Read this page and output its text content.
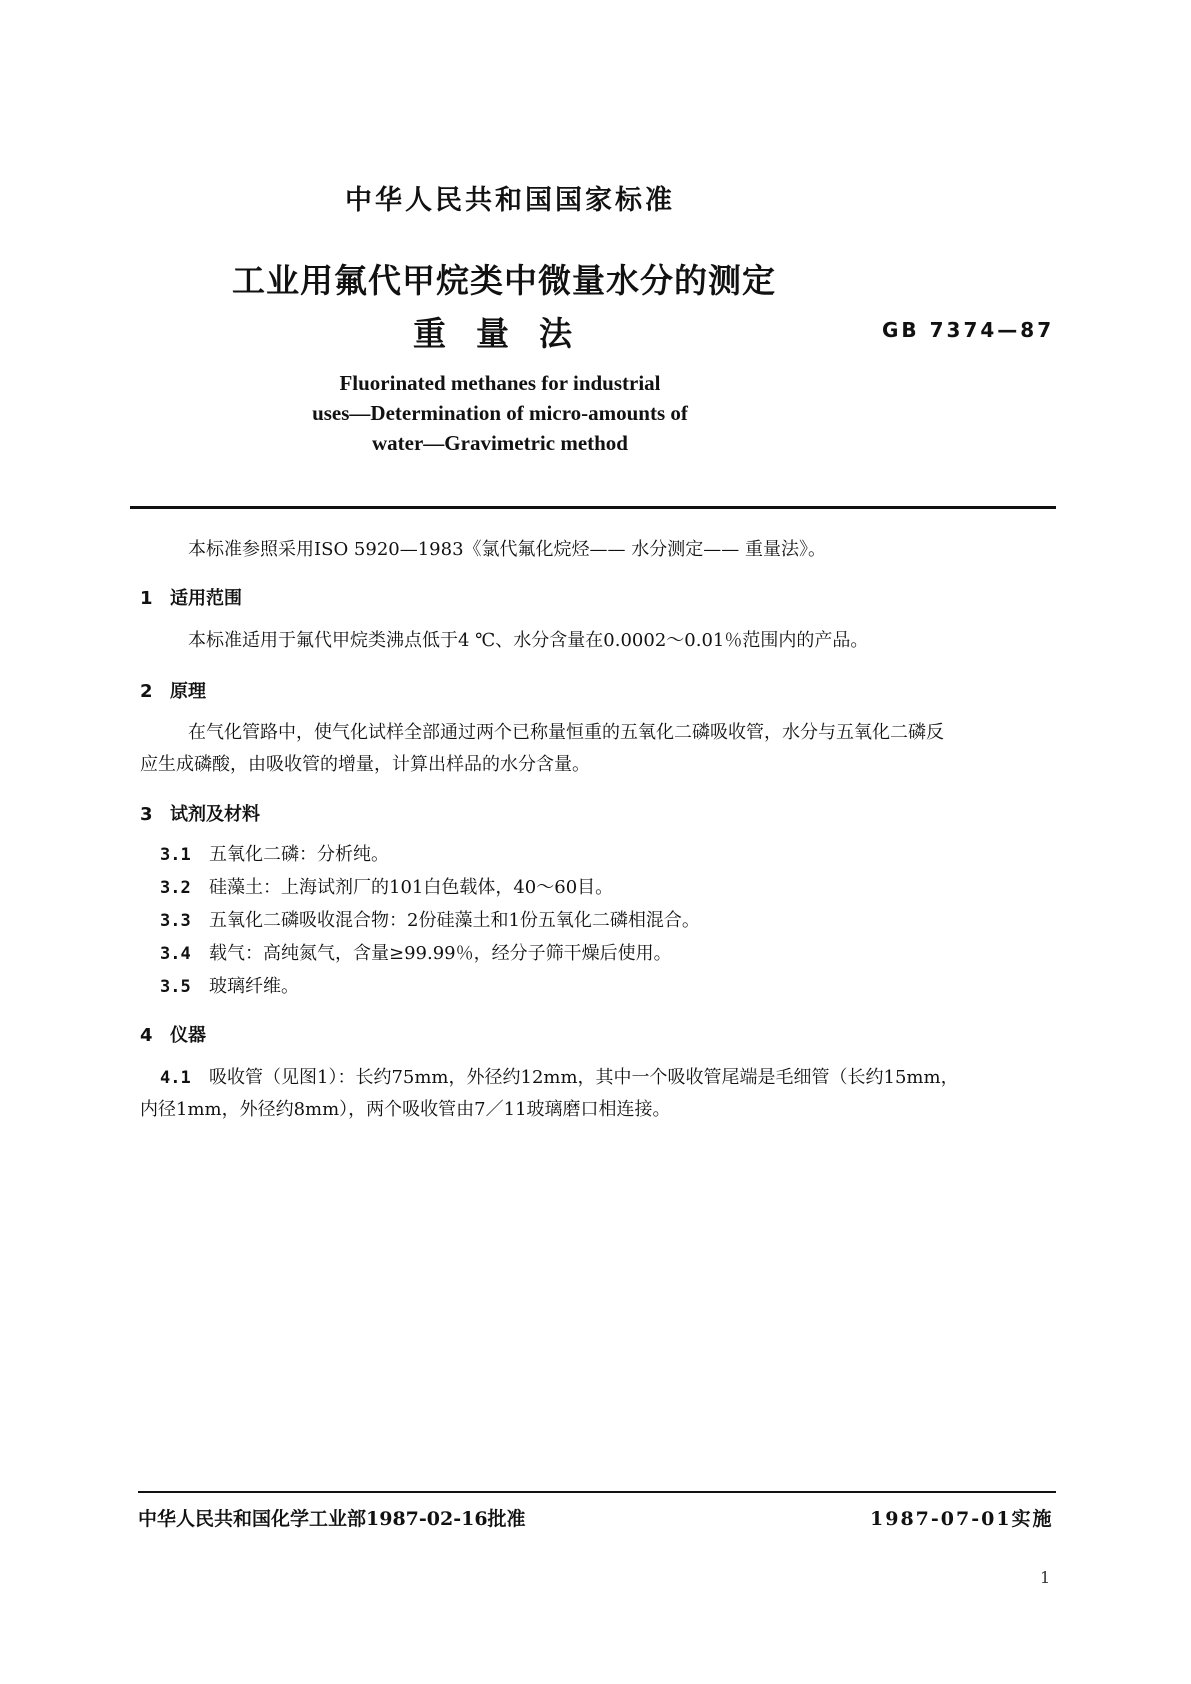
中华人民共和国国家标准
工业用氟代甲烷类中微量水分的测定
重量法	GB 7374—87
Fluorinated methanes for industrial
uses—Determination of micro-amounts of
water—Gravimetric method
本标准参照采用ISO 5920—1983《氯代氟化烷烃—— 水分测定—— 重量法》。
1 适用范围
本标准适用于氟代甲烷类沸点低于4 ℃、水分含量在0.0002～0.01％范围内的产品。
2 原理
在气化管路中，使气化试样全部通过两个已称量恒重的五氧化二磷吸收管，水分与五氧化二磷反
应生成磷酸，由吸收管的增量，计算出样品的水分含量。
3 试剂及材料
3.1 五氧化二磷：分析纯。
3.2 硅藻土：上海试剂厂的101白色载体，40～60目。
3.3 五氧化二磷吸收混合物：2份硅藻土和1份五氧化二磷相混合。
3.4 载气：高纯氮气，含量≥99.99％，经分子筛干燥后使用。
3.5 玻璃纤维。
4 仪器
4.1 吸收管（见图1）：长约75mm，外径约12mm，其中一个吸收管尾端是毛细管（长约15mm，
内径1mm，外径约8mm），两个吸收管由7／11玻璃磨口相连接。
中华人民共和国化学工业部1987-02-16批准	1987-07-01实施
1
